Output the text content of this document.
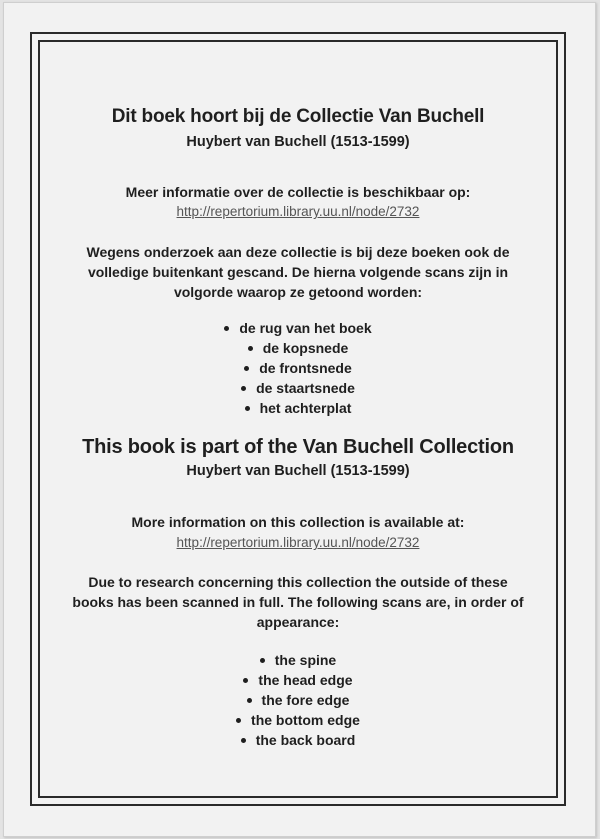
Dit boek hoort bij de Collectie Van Buchell
Huybert van Buchell (1513-1599)
Meer informatie over de collectie is beschikbaar op:
http://repertorium.library.uu.nl/node/2732
Wegens onderzoek aan deze collectie is bij deze boeken ook de
volledige buitenkant gescand. De hierna volgende scans zijn in
volgorde waarop ze getoond worden:
de rug van het boek
de kopsnede
de frontsnede
de staartsnede
het achterplat
This book is part of the Van Buchell Collection
Huybert van Buchell (1513-1599)
More information on this collection is available at:
http://repertorium.library.uu.nl/node/2732
Due to research concerning this collection the outside of these
books has been scanned in full. The following scans are, in order of
appearance:
the spine
the head edge
the fore edge
the bottom edge
the back board
